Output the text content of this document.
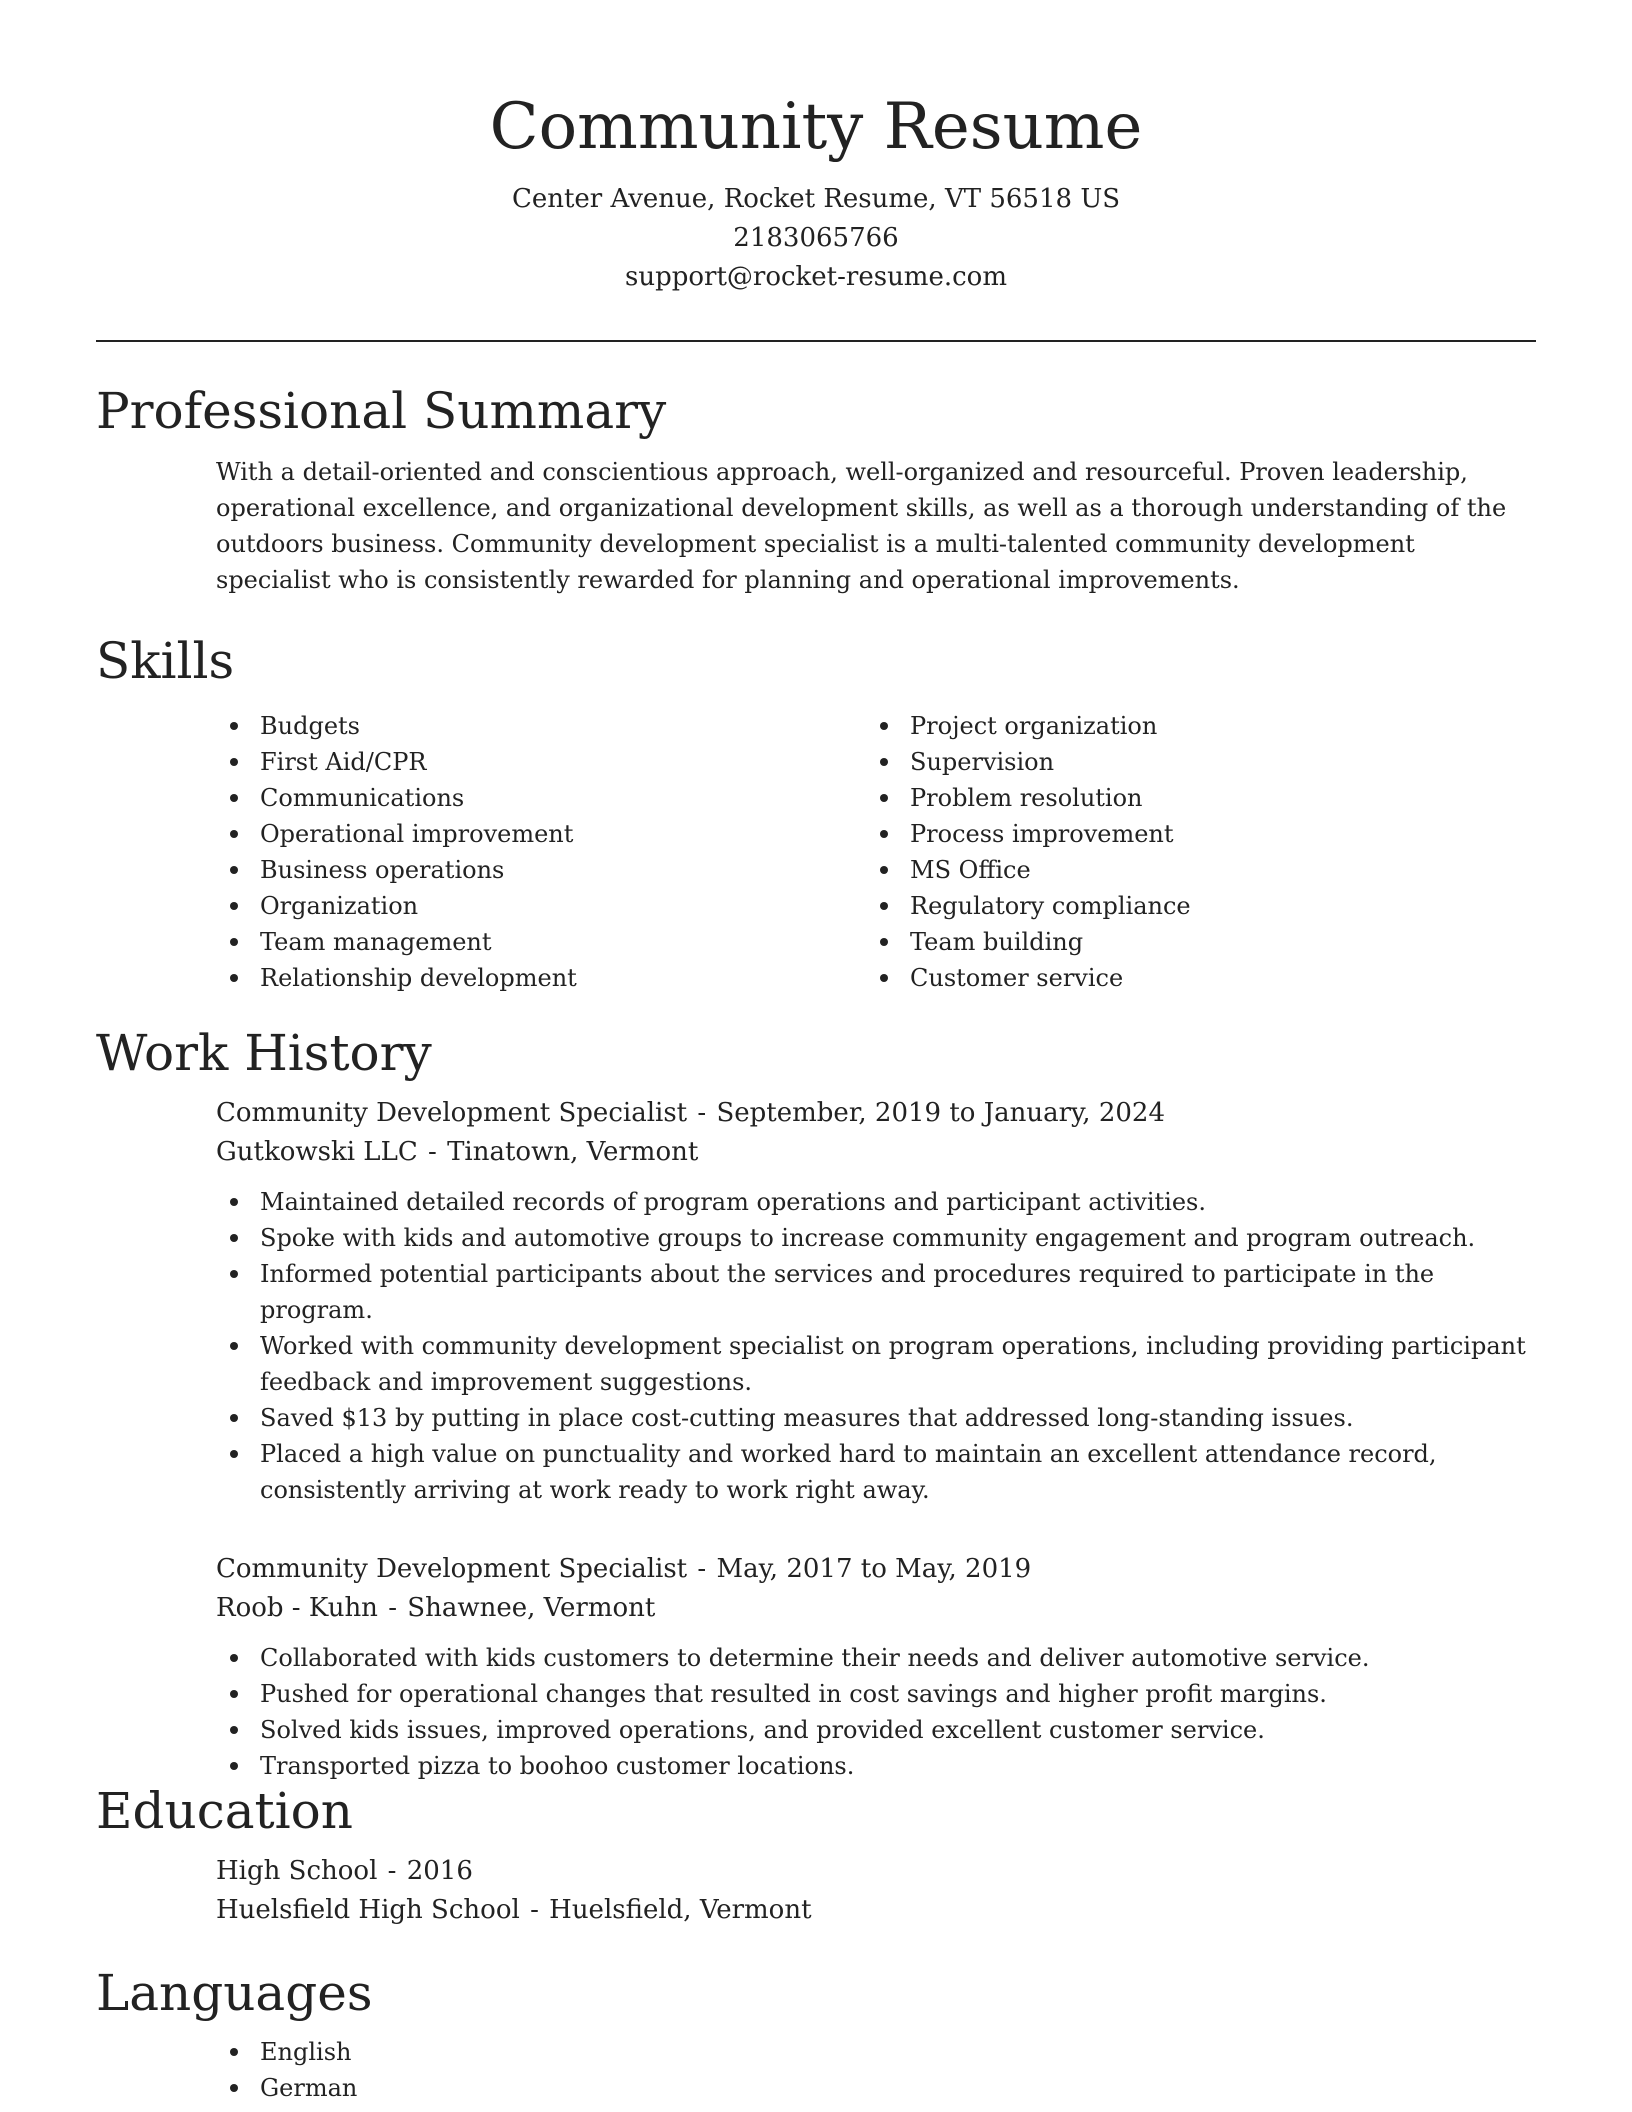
Community Resume

Center Avenue, Rocket Resume, VT 56518 US

2183065766

support@rocket-resume.com

Professional Summary

With a detail-oriented and conscientious approach, well-organized and resourceful. Proven leadership, operational excellence, and organizational development skills, as well as a thorough understanding of the outdoors business. Community development specialist is a multi-talented community development specialist who is consistently rewarded for planning and operational improvements.

Skills
Budgets
First Aid/CPR
Communications
Operational improvement
Business operations
Organization
Team management
Relationship development
Project organization
Supervision
Problem resolution
Process improvement
MS Office
Regulatory compliance
Team building
Customer service
Work History

Community Development Specialist - September, 2019 to January, 2024

Gutkowski LLC - Tinatown, Vermont

Maintained detailed records of program operations and participant activities.
Spoke with kids and automotive groups to increase community engagement and program outreach.
Informed potential participants about the services and procedures required to participate in the program.
Worked with community development specialist on program operations, including providing participant feedback and improvement suggestions.
Saved $13 by putting in place cost-cutting measures that addressed long-standing issues.
Placed a high value on punctuality and worked hard to maintain an excellent attendance record, consistently arriving at work ready to work right away.

Community Development Specialist - May, 2017 to May, 2019

Roob - Kuhn - Shawnee, Vermont

Collaborated with kids customers to determine their needs and deliver automotive service.
Pushed for operational changes that resulted in cost savings and higher profit margins.
Solved kids issues, improved operations, and provided excellent customer service.
Transported pizza to boohoo customer locations.
Education

High School - 2016

Huelsfield High School - Huelsfield, Vermont

Languages
English
German
